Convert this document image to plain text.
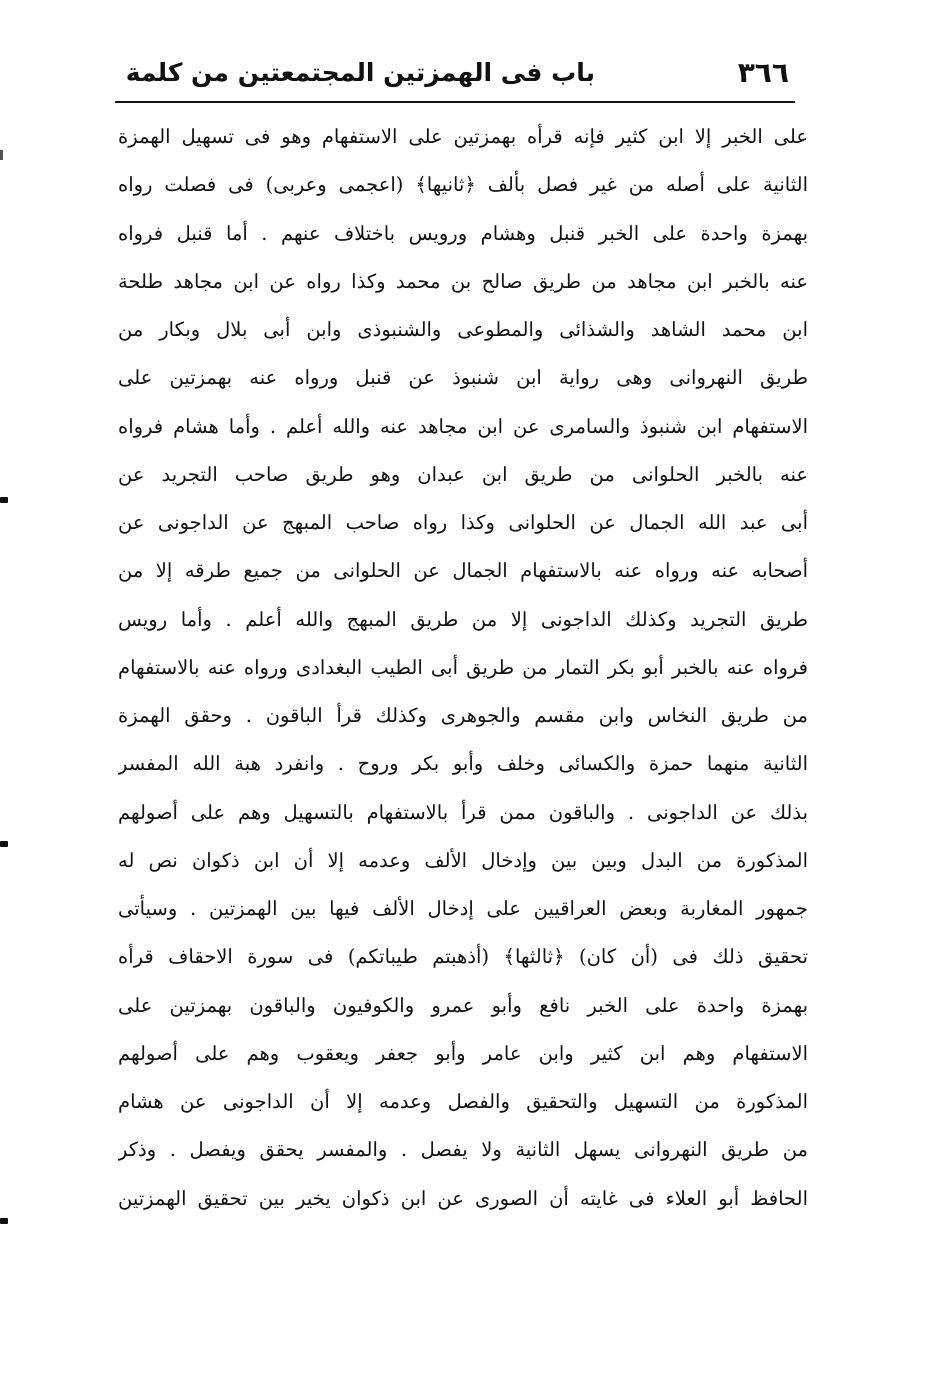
٣٦٦
باب فى الهمزتين المجتمعتين من كلمة
على الخبر إلا ابن كثير فإنه قرأه بهمزتين على الاستفهام وهو فى تسهيل الهمزة
الثانية على أصله من غير فصل بألف ﴿ثانيها﴾ (اعجمى وعربى) فى فصلت رواه
بهمزة واحدة على الخبر قنبل وهشام ورويس باختلاف عنهم . أما قنبل فرواه
عنه بالخبر ابن مجاهد من طريق صالح بن محمد وكذا رواه عن ابن مجاهد طلحة
ابن محمد الشاهد والشذائى والمطوعى والشنبوذى وابن أبى بلال وبكار من
طريق النهروانى وهى رواية ابن شنبوذ عن قنبل ورواه عنه بهمزتين على
الاستفهام ابن شنبوذ والسامرى عن ابن مجاهد عنه والله أعلم . وأما هشام فرواه
عنه بالخبر الحلوانى من طريق ابن عبدان وهو طريق صاحب التجريد عن
أبى عبد الله الجمال عن الحلوانى وكذا رواه صاحب المبهج عن الداجونى عن
أصحابه عنه ورواه عنه بالاستفهام الجمال عن الحلوانى من جميع طرقه إلا من
طريق التجريد وكذلك الداجونى إلا من طريق المبهج والله أعلم . وأما رويس
فرواه عنه بالخبر أبو بكر التمار من طريق أبى الطيب البغدادى ورواه عنه بالاستفهام
من طريق النخاس وابن مقسم والجوهرى وكذلك قرأ الباقون . وحقق الهمزة
الثانية منهما حمزة والكسائى وخلف وأبو بكر وروح . وانفرد هبة الله المفسر
بذلك عن الداجونى . والباقون ممن قرأ بالاستفهام بالتسهيل وهم على أصولهم
المذكورة من البدل وبين بين وإدخال الألف وعدمه إلا أن ابن ذكوان نص له
جمهور المغاربة وبعض العراقيين على إدخال الألف فيها بين الهمزتين . وسيأتى
تحقيق ذلك فى (أن كان) ﴿ثالثها﴾ (أذهبتم طيباتكم) فى سورة الاحقاف قرأه
بهمزة واحدة على الخبر نافع وأبو عمرو والكوفيون والباقون بهمزتين على
الاستفهام وهم ابن كثير وابن عامر وأبو جعفر ويعقوب وهم على أصولهم
المذكورة من التسهيل والتحقيق والفصل وعدمه إلا أن الداجونى عن هشام
من طريق النهروانى يسهل الثانية ولا يفصل . والمفسر يحقق ويفصل . وذكر
الحافظ أبو العلاء فى غايته أن الصورى عن ابن ذكوان يخير بين تحقيق الهمزتين
